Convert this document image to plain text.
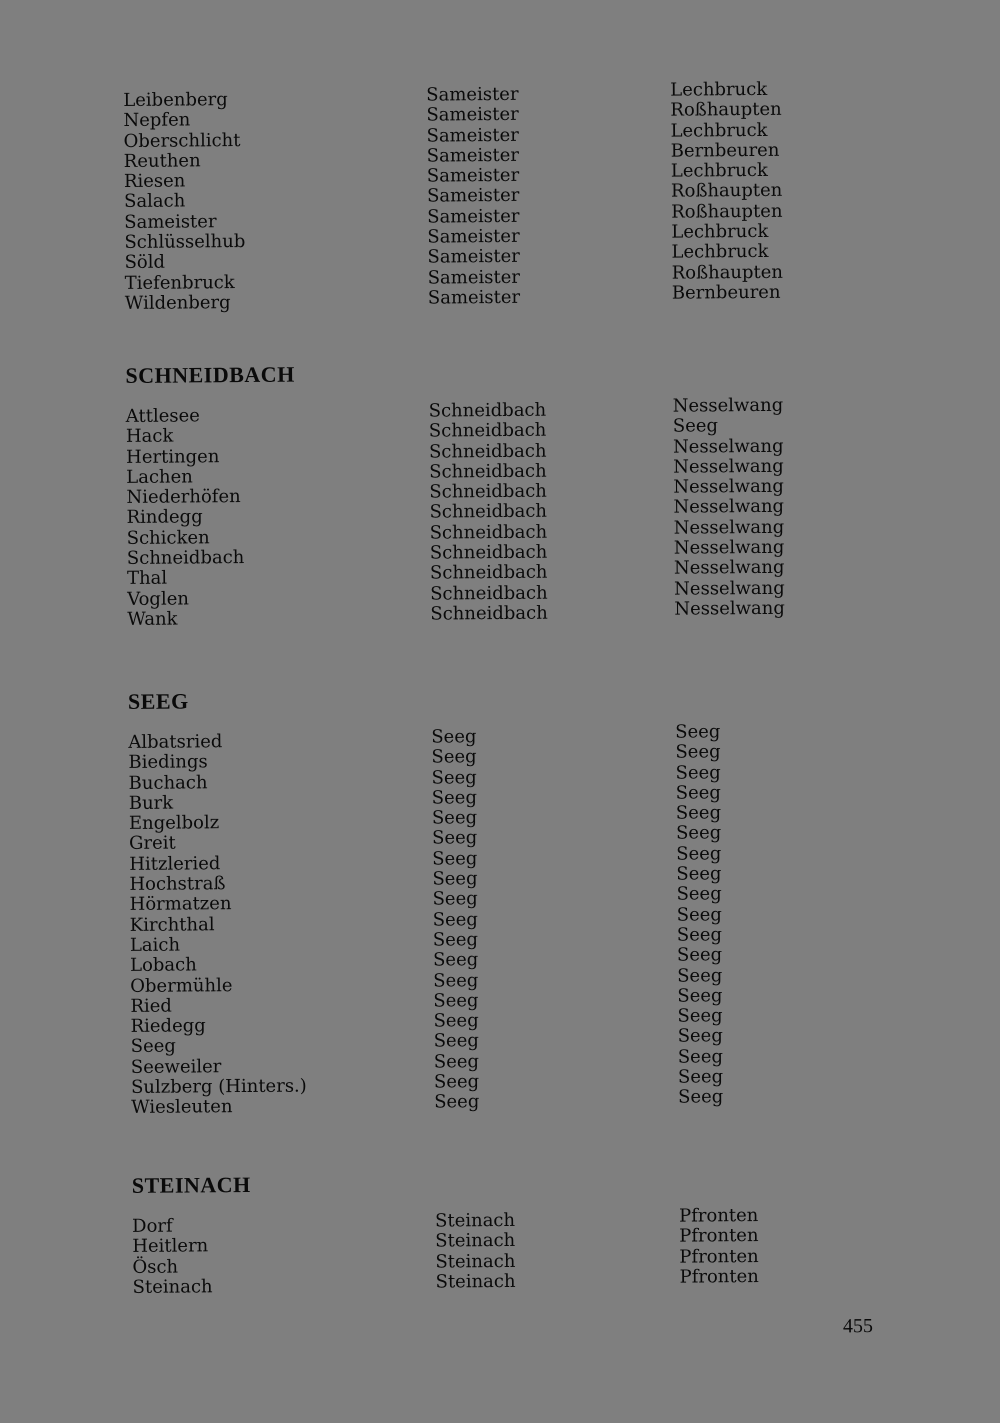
Leibenberg	Sameister	Lechbruck
Nepfen	Sameister	Roßhaupten
Oberschlicht	Sameister	Lechbruck
Reuthen	Sameister	Bernbeuren
Riesen	Sameister	Lechbruck
Salach	Sameister	Roßhaupten
Sameister	Sameister	Roßhaupten
Schlüsselhub	Sameister	Lechbruck
Söld	Sameister	Lechbruck
Tiefenbruck	Sameister	Roßhaupten
Wildenberg	Sameister	Bernbeuren
SCHNEIDBACH
Attlesee	Schneidbach	Nesselwang
Hack	Schneidbach	Seeg
Hertingen	Schneidbach	Nesselwang
Lachen	Schneidbach	Nesselwang
Niederhöfen	Schneidbach	Nesselwang
Rindegg	Schneidbach	Nesselwang
Schicken	Schneidbach	Nesselwang
Schneidbach	Schneidbach	Nesselwang
Thal	Schneidbach	Nesselwang
Voglen	Schneidbach	Nesselwang
Wank	Schneidbach	Nesselwang
SEEG
Albatsried	Seeg	Seeg
Biedings	Seeg	Seeg
Buchach	Seeg	Seeg
Burk	Seeg	Seeg
Engelbolz	Seeg	Seeg
Greit	Seeg	Seeg
Hitzleried	Seeg	Seeg
Hochstraß	Seeg	Seeg
Hörmatzen	Seeg	Seeg
Kirchthal	Seeg	Seeg
Laich	Seeg	Seeg
Lobach	Seeg	Seeg
Obermühle	Seeg	Seeg
Ried	Seeg	Seeg
Riedegg	Seeg	Seeg
Seeg	Seeg	Seeg
Seeweiler	Seeg	Seeg
Sulzberg (Hinters.)	Seeg	Seeg
Wiesleuten	Seeg	Seeg
STEINACH
Dorf	Steinach	Pfronten
Heitlern	Steinach	Pfronten
Ösch	Steinach	Pfronten
Steinach	Steinach	Pfronten
455
